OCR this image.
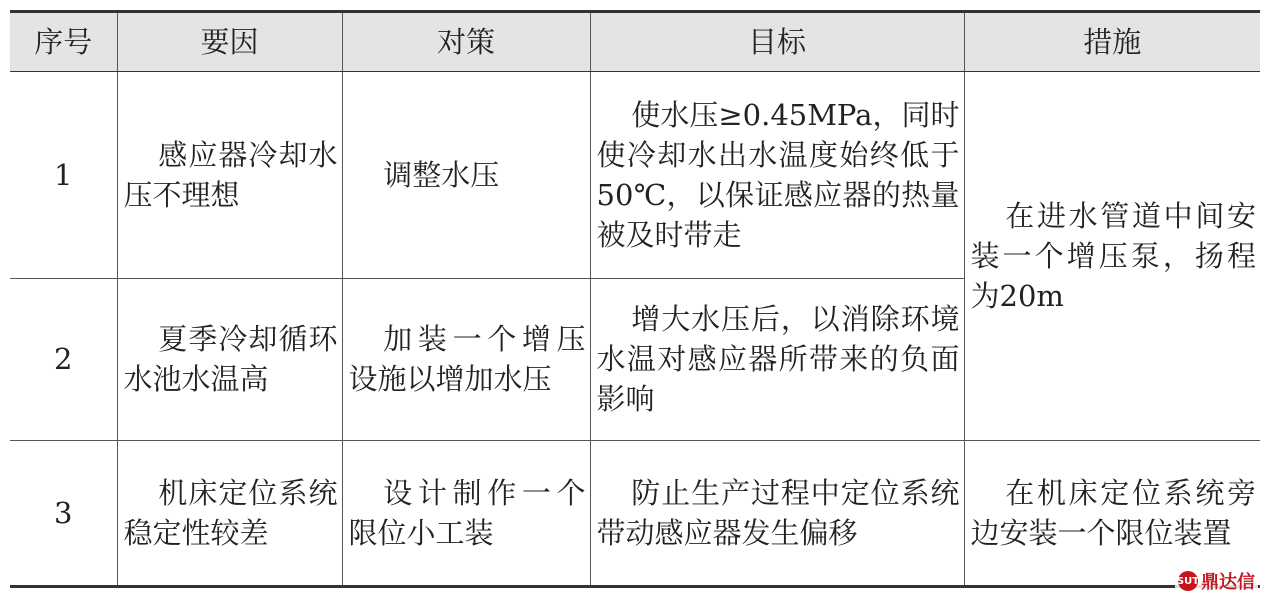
序号	要因	对策	目标	措施
1	感应器冷却水压不理想	调整水压	使水压≥0.45MPa，同时使冷却水出水温度始终低于50℃，以保证感应器的热量被及时带走	在进水管道中间安装一个增压泵，扬程为20m

2	夏季冷却循环水池水温高	加装一个增压设施以增加水压	增大水压后，以消除环境水温对感应器所带来的负面影响	

3	机床定位系统稳定性较差	设计制作一个限位小工装	防止生产过程中定位系统带动感应器发生偏移	在机床定位系统旁边安装一个限位装置
SUT 鼎达信
